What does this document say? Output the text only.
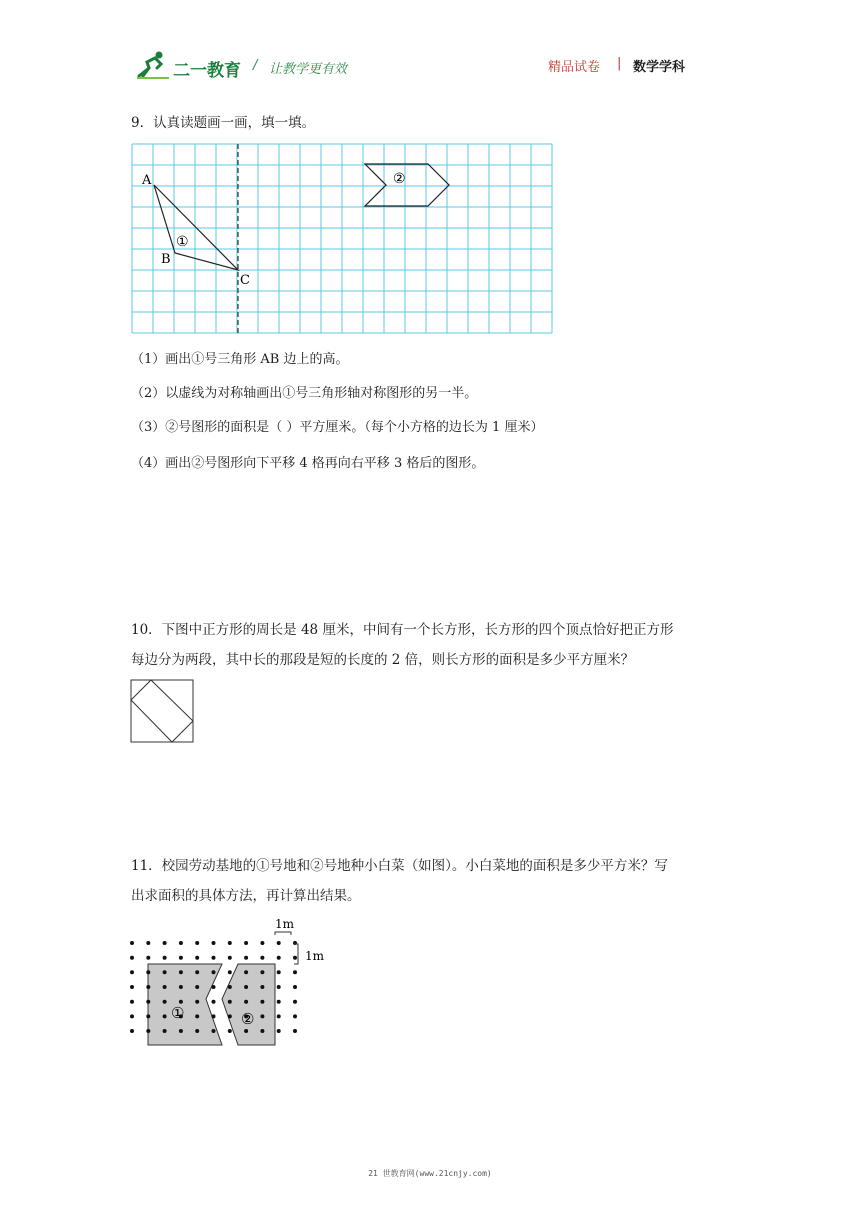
二一教育 / 让教学更有效	精品试卷 | 数学学科
9．认真读题画一画，填一填。
A
B
C
①
②
（1）画出①号三角形 AB 边上的高。
（2）以虚线为对称轴画出①号三角形轴对称图形的另一半。
（3）②号图形的面积是（ ）平方厘米。（每个小方格的边长为 1 厘米）
（4）画出②号图形向下平移 4 格再向右平移 3 格后的图形。
10．下图中正方形的周长是 48 厘米，中间有一个长方形，长方形的四个顶点恰好把正方形
每边分为两段，其中长的那段是短的长度的 2 倍，则长方形的面积是多少平方厘米？
11．校园劳动基地的①号地和②号地种小白菜（如图）。小白菜地的面积是多少平方米？写
出求面积的具体方法，再计算出结果。
1m
1m
①	②
21 世教育网(www.21cnjy.com)
